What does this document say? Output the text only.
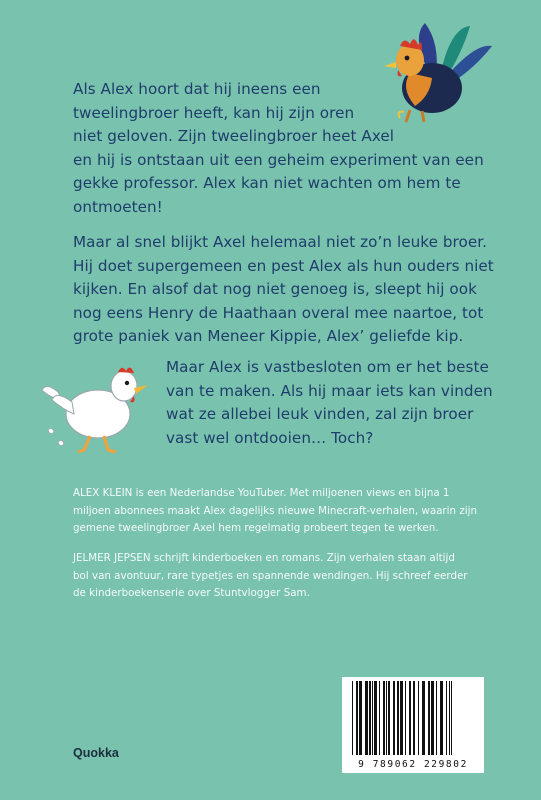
Als Alex hoort dat hij ineens een
tweelingbroer heeft, kan hij zijn oren
niet geloven. Zijn tweelingbroer heet Axel
en hij is ontstaan uit een geheim experiment van een
gekke professor. Alex kan niet wachten om hem te
ontmoeten!

Maar al snel blijkt Axel helemaal niet zo’n leuke broer.
Hij doet supergemeen en pest Alex als hun ouders niet
kijken. En alsof dat nog niet genoeg is, sleept hij ook
nog eens Henry de Haathaan overal mee naartoe, tot
grote paniek van Meneer Kippie, Alex’ geliefde kip.

Maar Alex is vastbesloten om er het beste
van te maken. Als hij maar iets kan vinden
wat ze allebei leuk vinden, zal zijn broer
vast wel ontdooien… Toch?

ALEX KLEIN is een Nederlandse YouTuber. Met miljoenen views en bijna 1
miljoen abonnees maakt Alex dagelijks nieuwe Minecraft-verhalen, waarin zijn
gemene tweelingbroer Axel hem regelmatig probeert tegen te werken.

JELMER JEPSEN schrijft kinderboeken en romans. Zijn verhalen staan altijd
bol van avontuur, rare typetjes en spannende wendingen. Hij schreef eerder
de kinderboekenserie over Stuntvlogger Sam.

Quokka
9 789062 229802
